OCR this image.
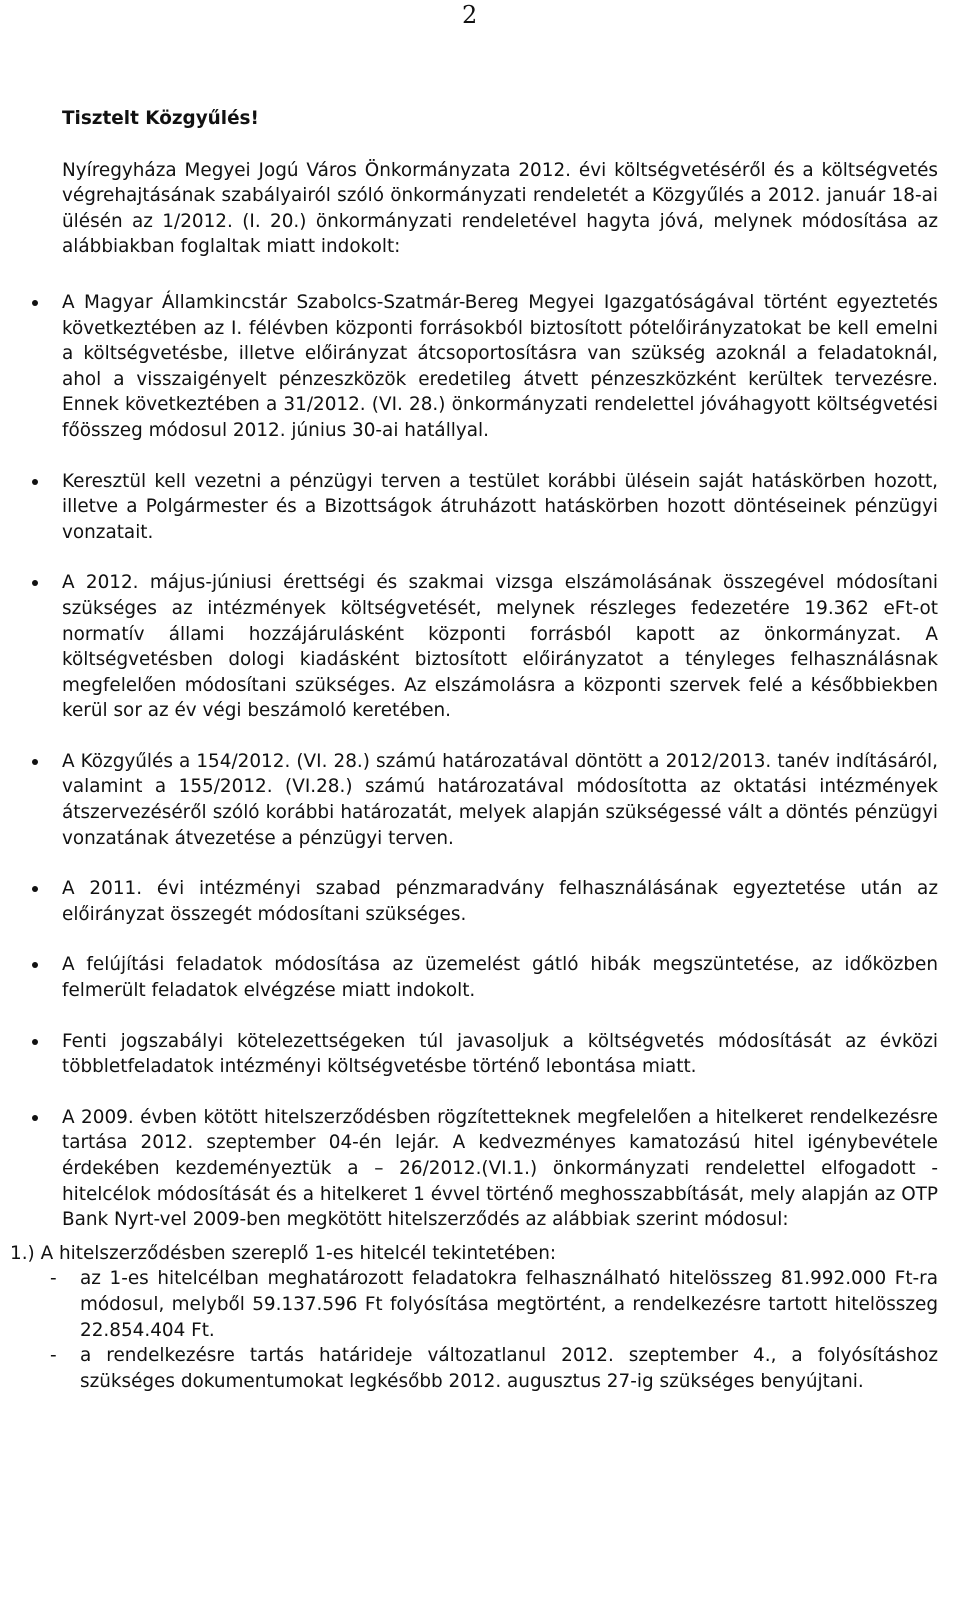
2

Tisztelt Közgyűlés!

Nyíregyháza Megyei Jogú Város Önkormányzata 2012. évi költségvetéséről és a költségvetés végrehajtásának szabályairól szóló önkormányzati rendeletét a Közgyűlés a 2012. január 18-ai ülésén az 1/2012. (I. 20.) önkormányzati rendeletével hagyta jóvá, melynek módosítása az alábbiakban foglaltak miatt indokolt:

A Magyar Államkincstár Szabolcs-Szatmár-Bereg Megyei Igazgatóságával történt egyeztetés következtében az I. félévben központi forrásokból biztosított pótelőirányzatokat be kell emelni a költségvetésbe, illetve előirányzat átcsoportosításra van szükség azoknál a feladatoknál, ahol a visszaigényelt pénzeszközök eredetileg átvett pénzeszközként kerültek tervezésre. Ennek következtében a 31/2012. (VI. 28.) önkormányzati rendelettel jóváhagyott költségvetési főösszeg módosul 2012. június 30-ai hatállyal.
Keresztül kell vezetni a pénzügyi terven a testület korábbi ülésein saját hatáskörben hozott, illetve a Polgármester és a Bizottságok átruházott hatáskörben hozott döntéseinek pénzügyi vonzatait.
A 2012. május-júniusi érettségi és szakmai vizsga elszámolásának összegével módosítani szükséges az intézmények költségvetését, melynek részleges fedezetére 19.362 eFt-ot normatív állami hozzájárulásként központi forrásból kapott az önkormányzat. A költségvetésben dologi kiadásként biztosított előirányzatot a tényleges felhasználásnak megfelelően módosítani szükséges. Az elszámolásra a központi szervek felé a későbbiekben kerül sor az év végi beszámoló keretében.
A Közgyűlés a 154/2012. (VI. 28.) számú határozatával döntött a 2012/2013. tanév indításáról, valamint a 155/2012. (VI.28.) számú határozatával módosította az oktatási intézmények átszervezéséről szóló korábbi határozatát, melyek alapján szükségessé vált a döntés pénzügyi vonzatának átvezetése a pénzügyi terven.
A 2011. évi intézményi szabad pénzmaradvány felhasználásának egyeztetése után az előirányzat összegét módosítani szükséges.
A felújítási feladatok módosítása az üzemelést gátló hibák megszüntetése, az időközben felmerült feladatok elvégzése miatt indokolt.
Fenti jogszabályi kötelezettségeken túl javasoljuk a költségvetés módosítását az évközi többletfeladatok intézményi költségvetésbe történő lebontása miatt.
A 2009. évben kötött hitelszerződésben rögzítetteknek megfelelően a hitelkeret rendelkezésre tartása 2012. szeptember 04-én lejár. A kedvezményes kamatozású hitel igénybevétele érdekében kezdeményeztük a – 26/2012.(VI.1.) önkormányzati rendelettel elfogadott - hitelcélok módosítását és a hitelkeret 1 évvel történő meghosszabbítását, mely alapján az OTP Bank Nyrt-vel 2009-ben megkötött hitelszerződés az alábbiak szerint módosul:
1.) A hitelszerződésben szereplő 1-es hitelcél tekintetében:
- az 1-es hitelcélban meghatározott feladatokra felhasználható hitelösszeg 81.992.000 Ft-ra módosul, melyből 59.137.596 Ft folyósítása megtörtént, a rendelkezésre tartott hitelösszeg 22.854.404 Ft.
- a rendelkezésre tartás határideje változatlanul 2012. szeptember 4., a folyósításhoz szükséges dokumentumokat legkésőbb 2012. augusztus 27-ig szükséges benyújtani.
